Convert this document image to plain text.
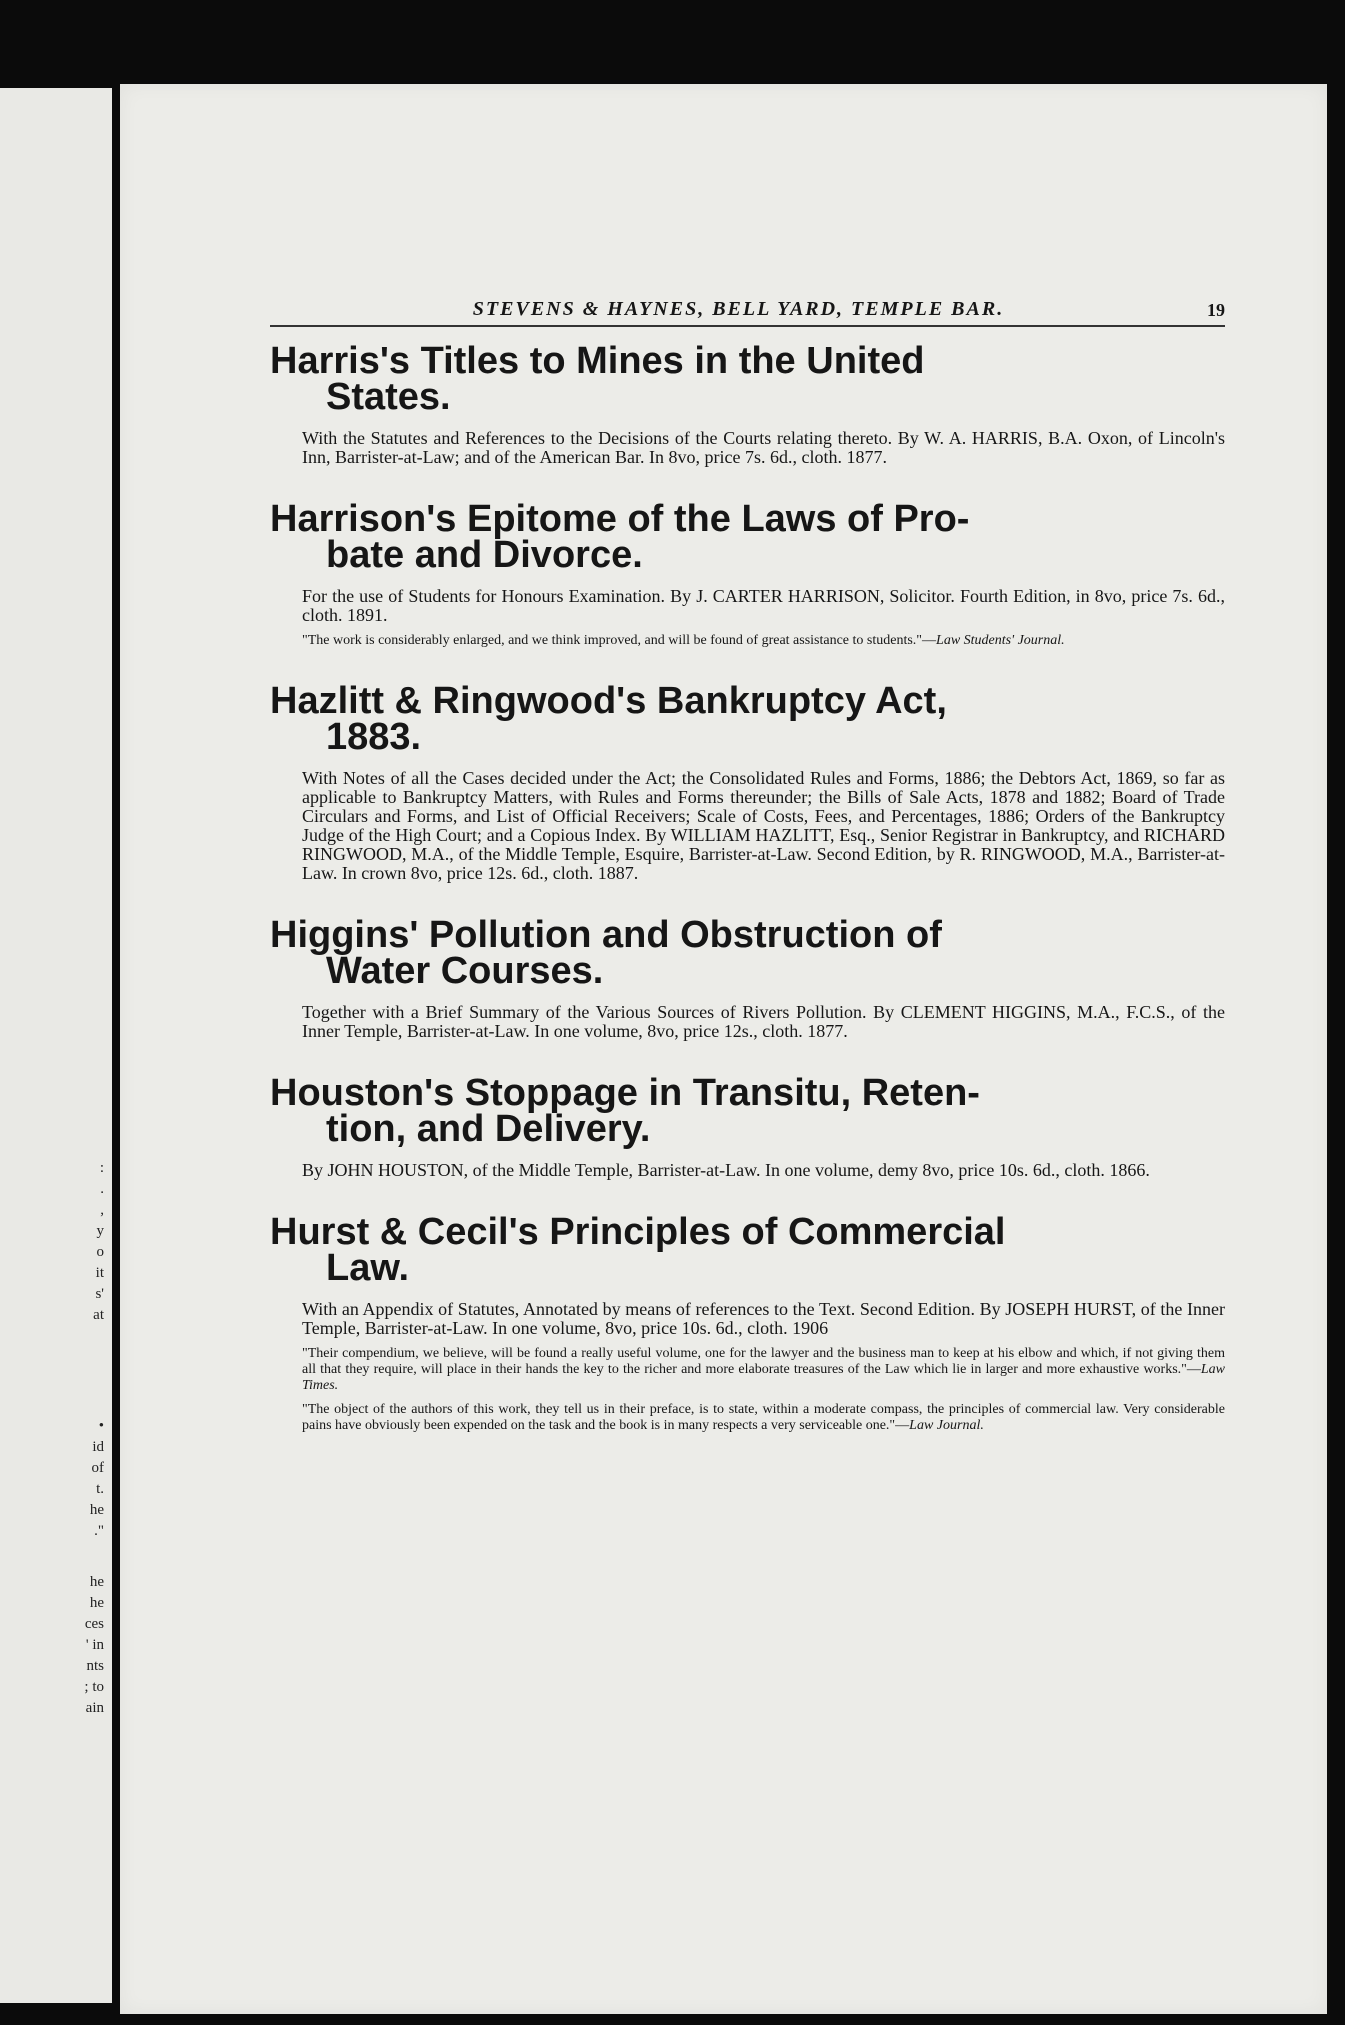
:
.
,
y
o
it
s'
at
•
id
of
t.
he
."
he
he
ces
' in
nts
; to
ain
STEVENS & HAYNES, BELL YARD, TEMPLE BAR.	19
Harris's Titles to Mines in the United
States.

With the Statutes and References to the Decisions of the Courts relating thereto. By W. A. HARRIS, B.A. Oxon, of Lincoln's Inn, Barrister-at-Law; and of the American Bar. In 8vo, price 7s. 6d., cloth. 1877.

Harrison's Epitome of the Laws of Pro-
bate and Divorce.

For the use of Students for Honours Examination. By J. CARTER HARRISON, Solicitor. Fourth Edition, in 8vo, price 7s. 6d., cloth. 1891.

"The work is considerably enlarged, and we think improved, and will be found of great assistance to students."—Law Students' Journal.

Hazlitt & Ringwood's Bankruptcy Act,
1883.

With Notes of all the Cases decided under the Act; the Consolidated Rules and Forms, 1886; the Debtors Act, 1869, so far as applicable to Bankruptcy Matters, with Rules and Forms thereunder; the Bills of Sale Acts, 1878 and 1882; Board of Trade Circulars and Forms, and List of Official Receivers; Scale of Costs, Fees, and Percentages, 1886; Orders of the Bankruptcy Judge of the High Court; and a Copious Index. By WILLIAM HAZLITT, Esq., Senior Registrar in Bankruptcy, and RICHARD RINGWOOD, M.A., of the Middle Temple, Esquire, Barrister-at-Law. Second Edition, by R. RINGWOOD, M.A., Barrister-at-Law. In crown 8vo, price 12s. 6d., cloth. 1887.

Higgins' Pollution and Obstruction of
Water Courses.

Together with a Brief Summary of the Various Sources of Rivers Pollution. By CLEMENT HIGGINS, M.A., F.C.S., of the Inner Temple, Barrister-at-Law. In one volume, 8vo, price 12s., cloth. 1877.

Houston's Stoppage in Transitu, Reten-
tion, and Delivery.

By JOHN HOUSTON, of the Middle Temple, Barrister-at-Law. In one volume, demy 8vo, price 10s. 6d., cloth. 1866.

Hurst & Cecil's Principles of Commercial
Law.

With an Appendix of Statutes, Annotated by means of references to the Text. Second Edition. By JOSEPH HURST, of the Inner Temple, Barrister-at-Law. In one volume, 8vo, price 10s. 6d., cloth. 1906

"Their compendium, we believe, will be found a really useful volume, one for the lawyer and the business man to keep at his elbow and which, if not giving them all that they require, will place in their hands the key to the richer and more elaborate treasures of the Law which lie in larger and more exhaustive works."—Law Times.

"The object of the authors of this work, they tell us in their preface, is to state, within a moderate compass, the principles of commercial law. Very considerable pains have obviously been expended on the task and the book is in many respects a very serviceable one."—Law Journal.
